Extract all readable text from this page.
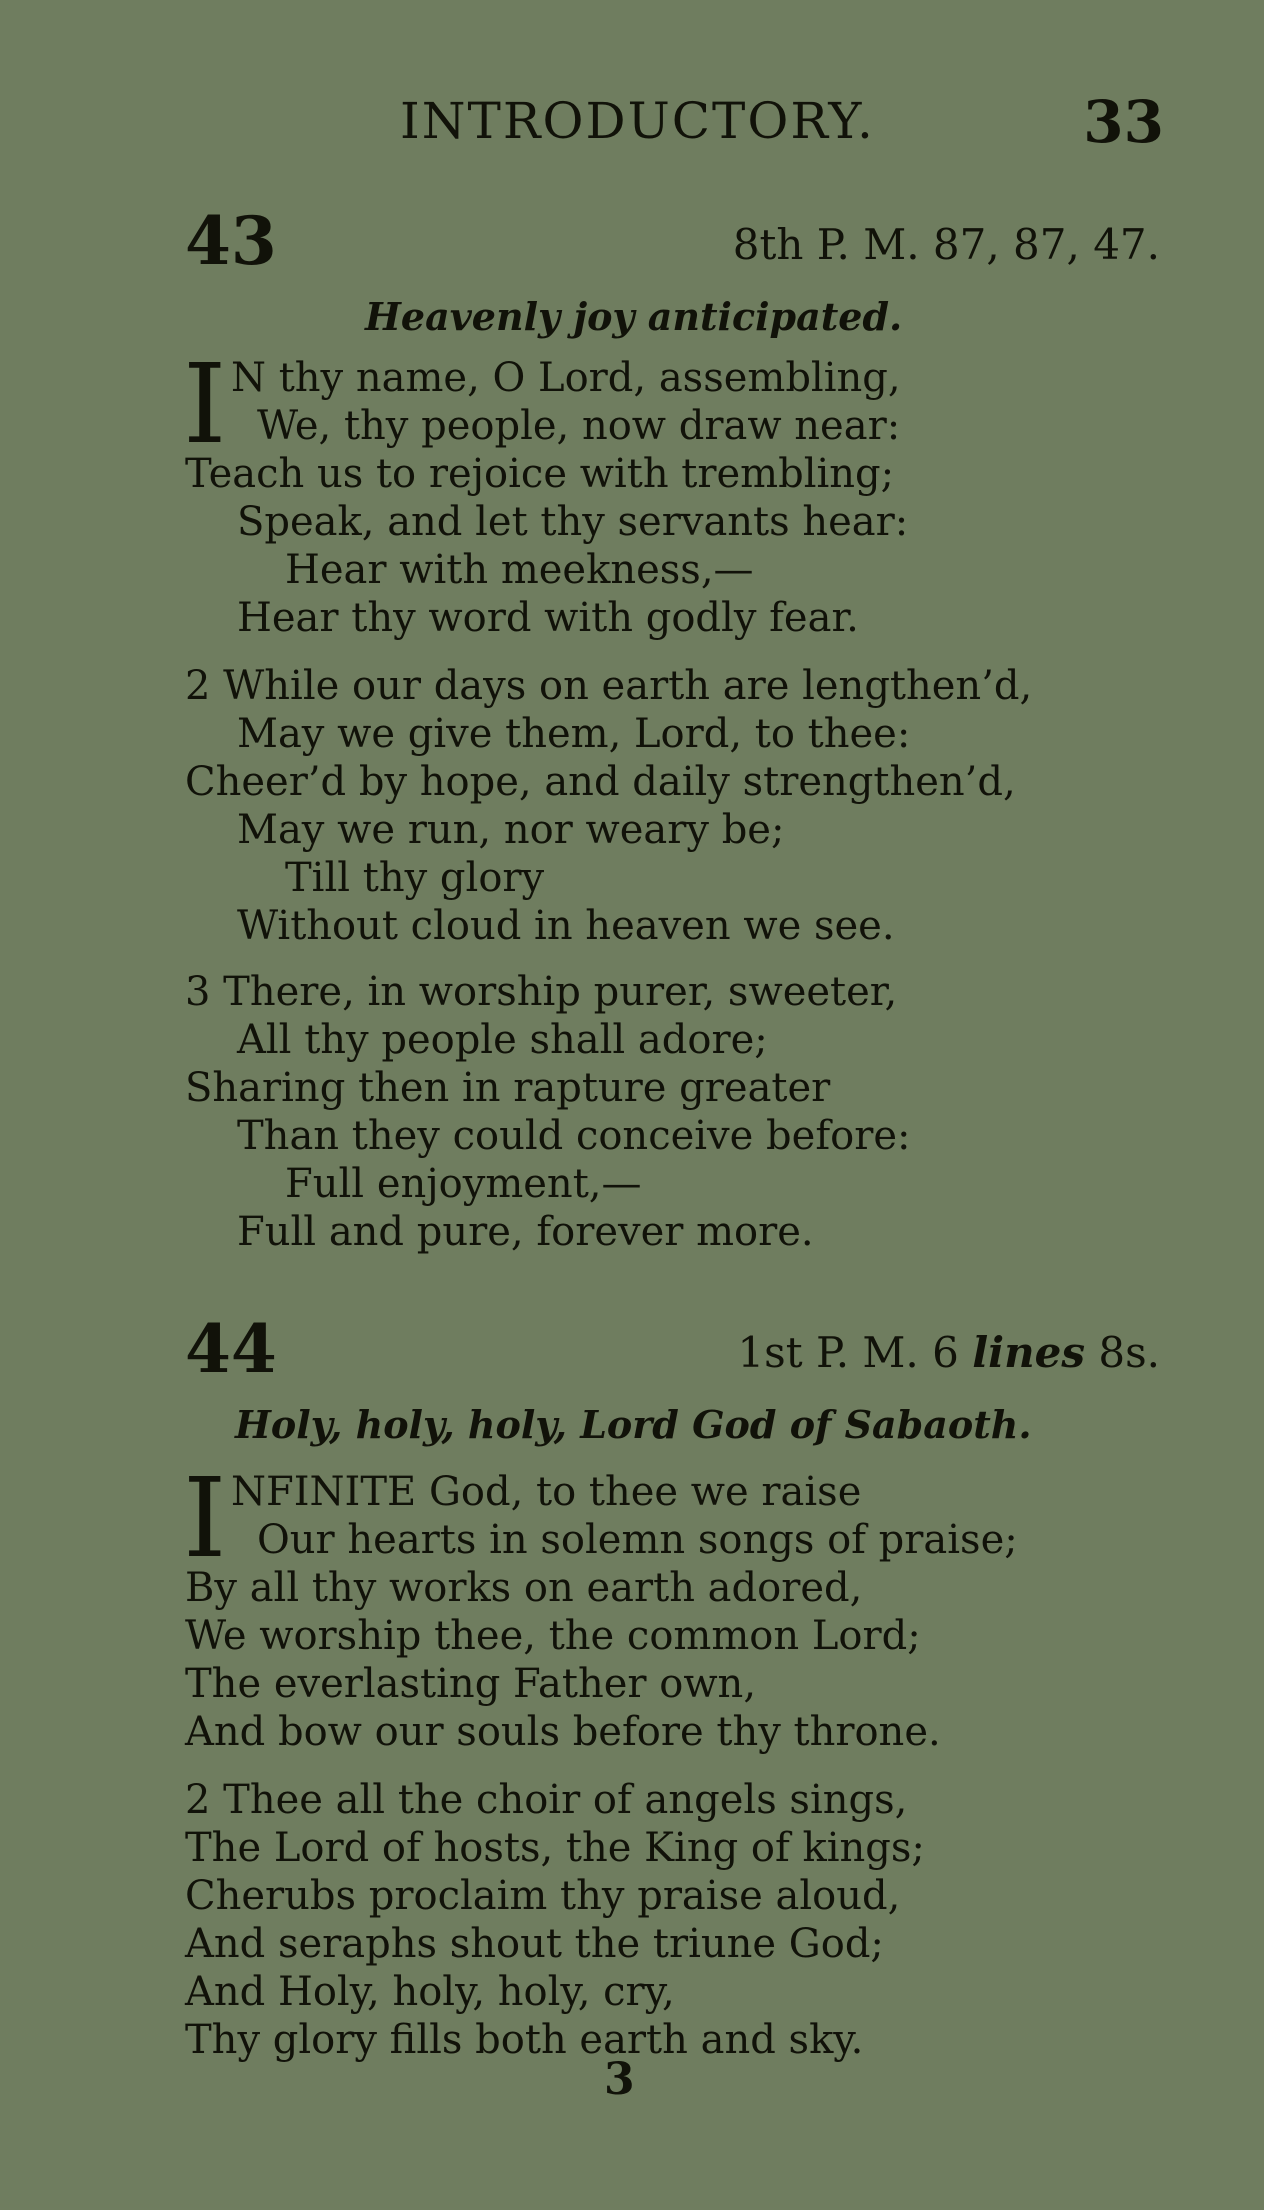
INTRODUCTORY.	33
43	8th P. M. 87, 87, 47.
Heavenly joy anticipated.
I N thy name, O Lord, assembling,
We, thy people, now draw near:
Teach us to rejoice with trembling;
Speak, and let thy servants hear:
Hear with meekness,—
Hear thy word with godly fear.
2 While our days on earth are lengthen’d,
May we give them, Lord, to thee:
Cheer’d by hope, and daily strengthen’d,
May we run, nor weary be;
Till thy glory
Without cloud in heaven we see.
3 There, in worship purer, sweeter,
All thy people shall adore;
Sharing then in rapture greater
Than they could conceive before:
Full enjoyment,—
Full and pure, forever more.
44	1st P. M. 6 lines 8s.
Holy, holy, holy, Lord God of Sabaoth.
I NFINITE God, to thee we raise
Our hearts in solemn songs of praise;
By all thy works on earth adored,
We worship thee, the common Lord;
The everlasting Father own,
And bow our souls before thy throne.
2 Thee all the choir of angels sings,
The Lord of hosts, the King of kings;
Cherubs proclaim thy praise aloud,
And seraphs shout the triune God;
And Holy, holy, holy, cry,
Thy glory fills both earth and sky.
3
